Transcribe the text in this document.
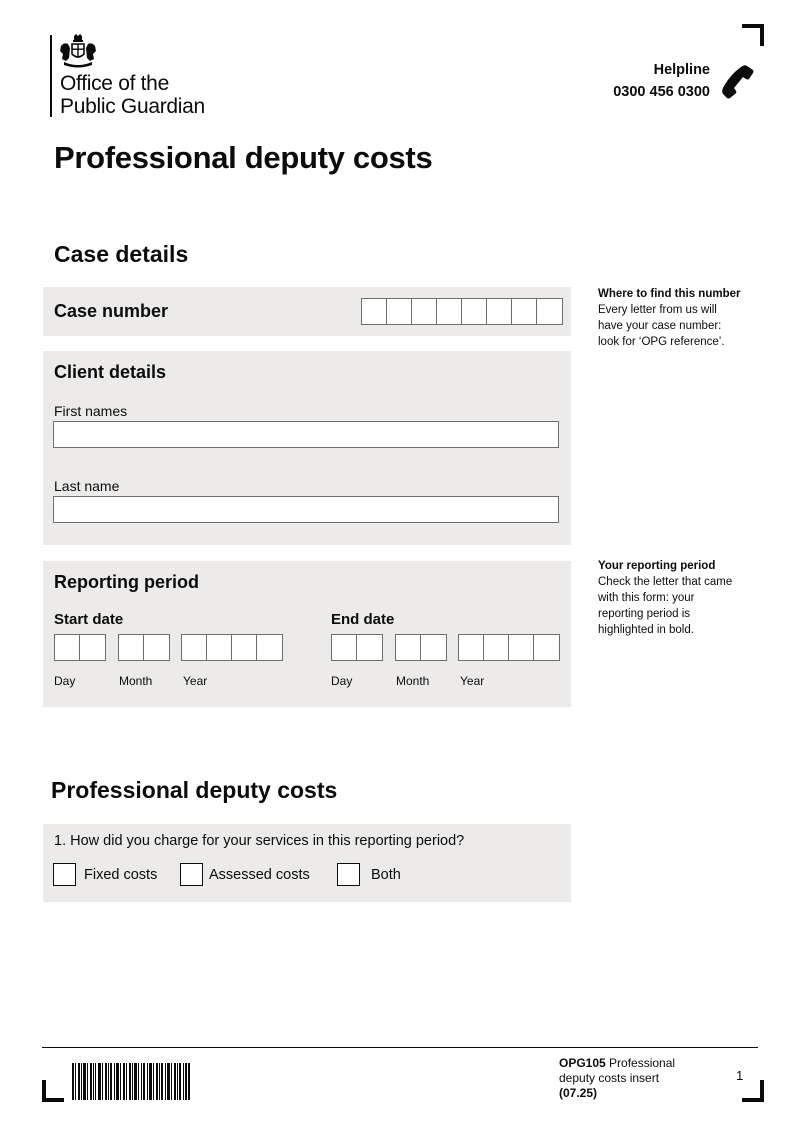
Office of the
Public Guardian
Helpline
0300 456 0300
Professional deputy costs
Case details
Case number
Where to find this number
Every letter from us will have your case number: look for ‘OPG reference’.
Client details
First names
Last name
Reporting period
Start date
Day	Month	Year
End date
Day	Month	Year
Your reporting period
Check the letter that came with this form: your reporting period is highlighted in bold.
Professional deputy costs
1. How did you charge for your services in this reporting period?
Fixed costs	Assessed costs	Both
OPG105 Professional
deputy costs insert
(07.25)
1
